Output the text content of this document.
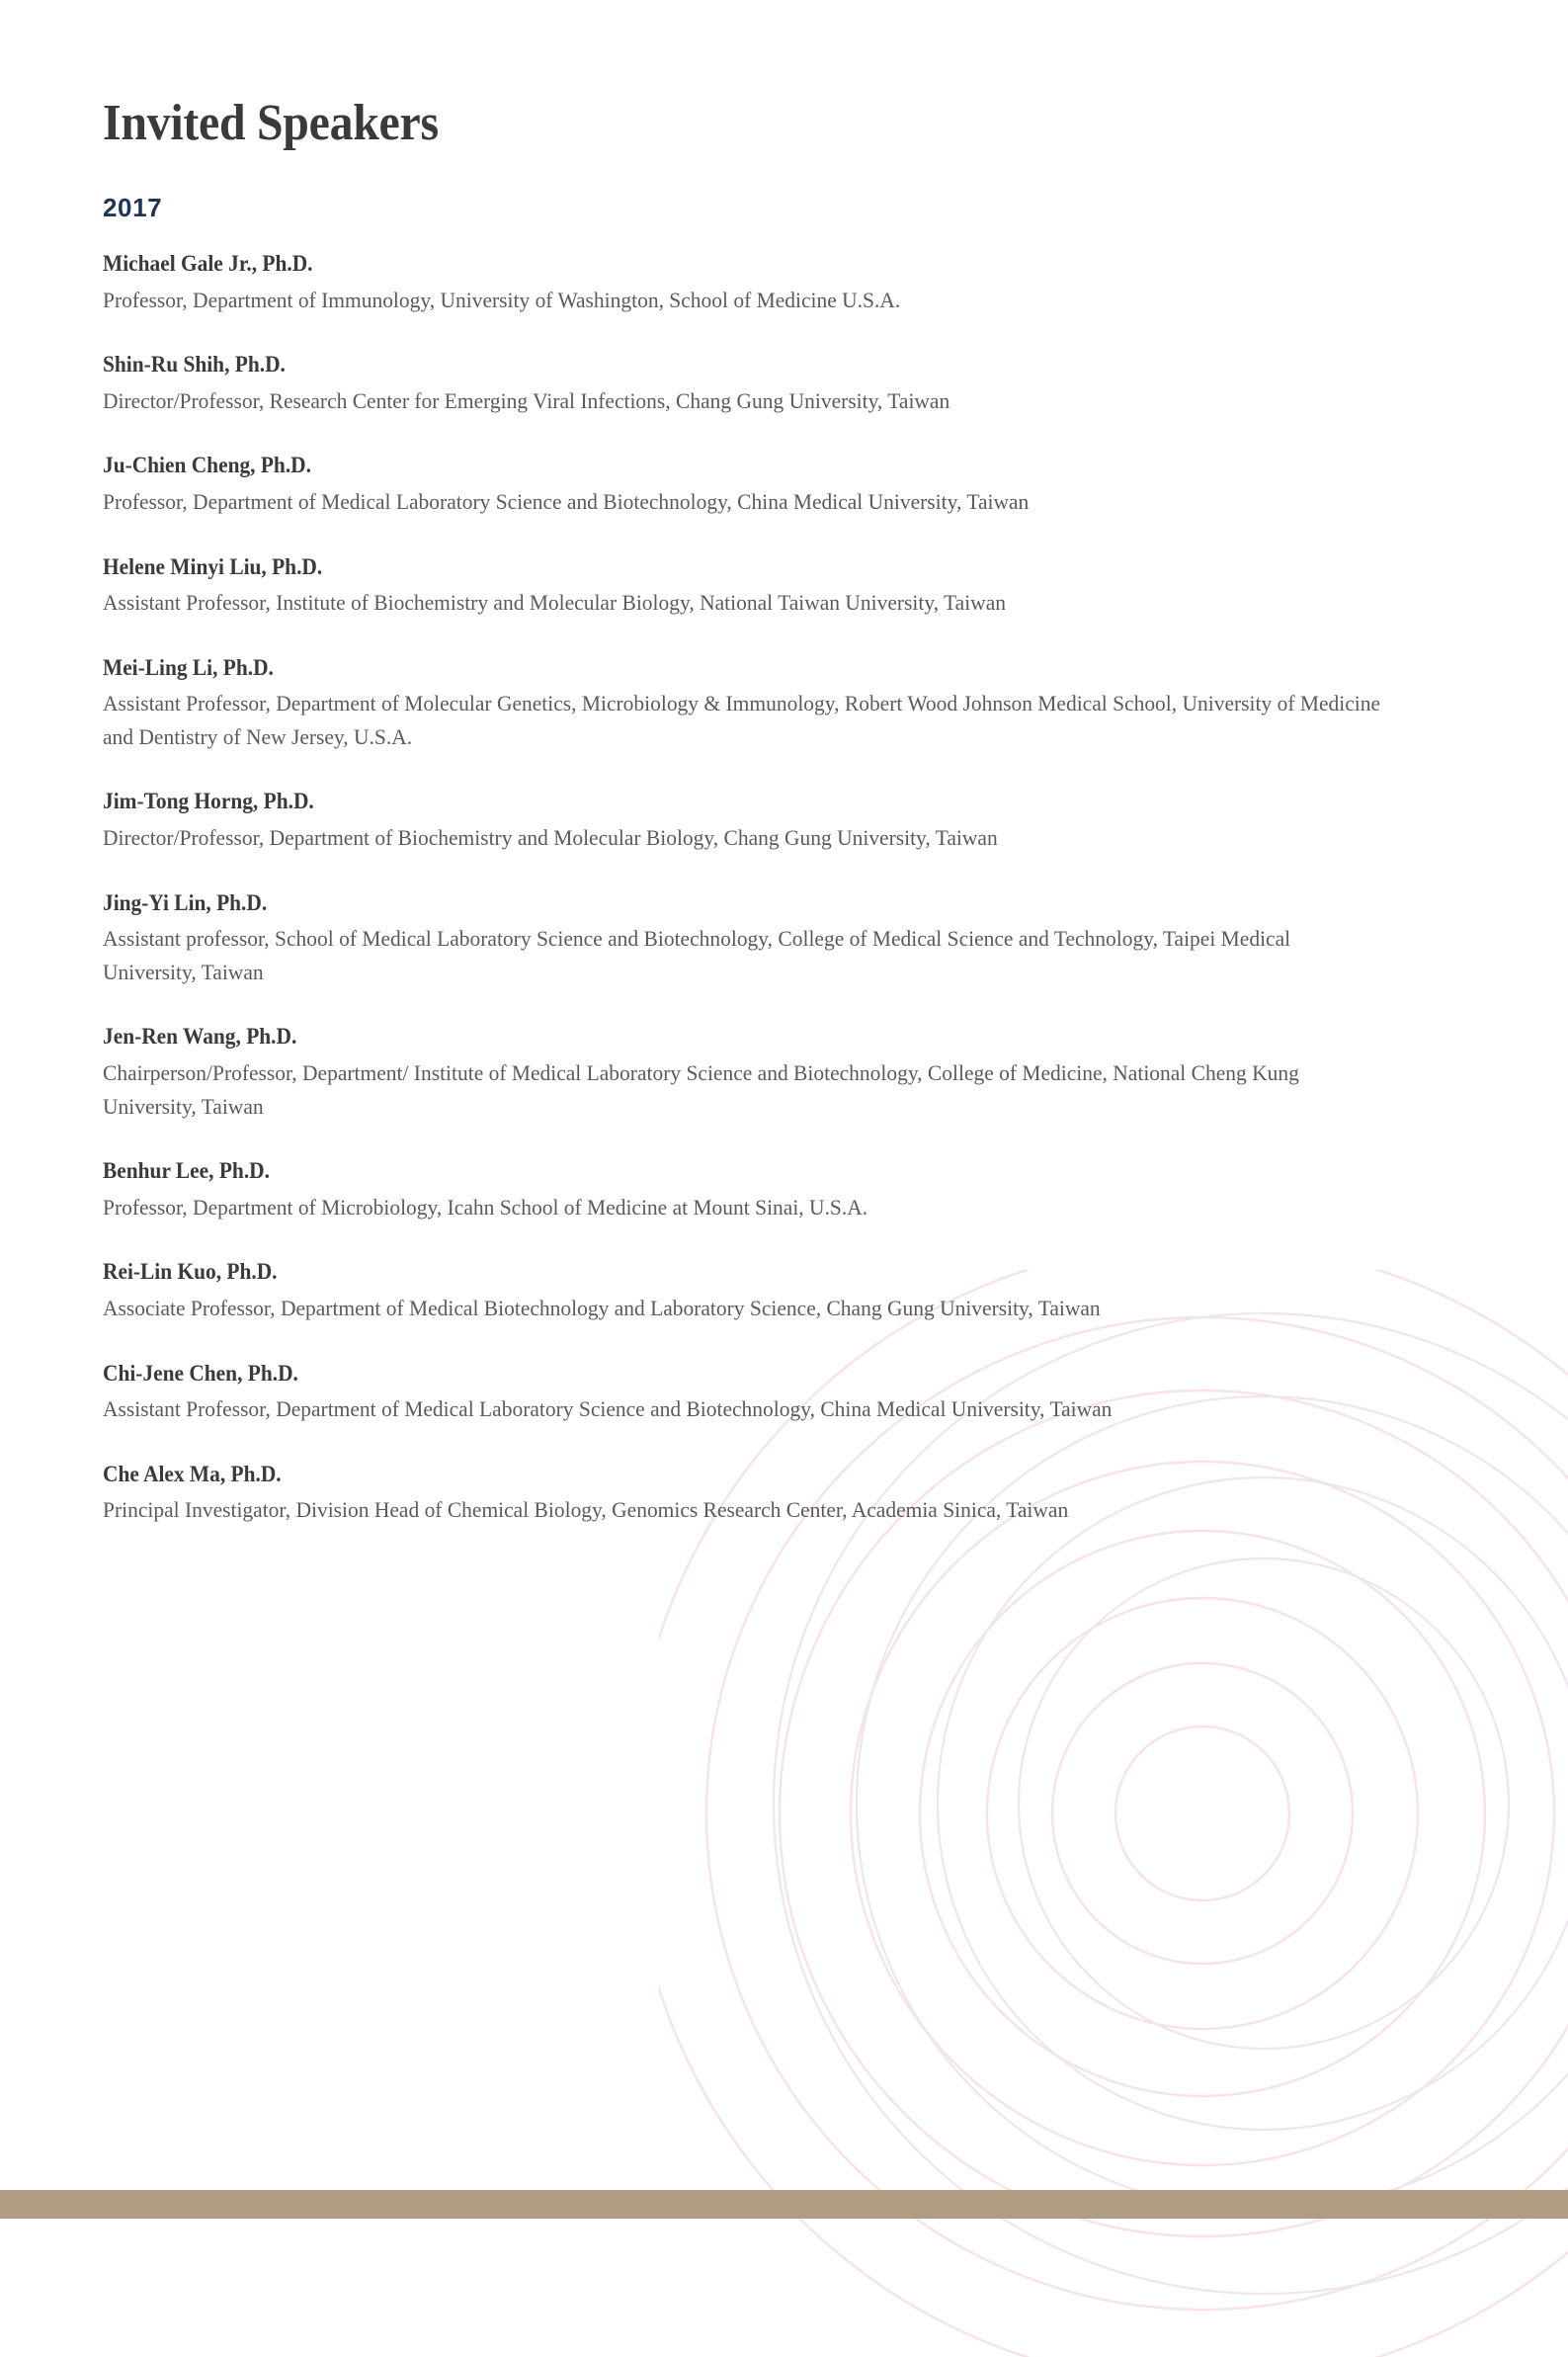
Invited Speakers
2017
Michael Gale Jr., Ph.D.
Professor, Department of Immunology, University of Washington, School of Medicine U.S.A.
Shin-Ru Shih, Ph.D.
Director/Professor, Research Center for Emerging Viral Infections, Chang Gung University, Taiwan
Ju-Chien Cheng, Ph.D.
Professor, Department of Medical Laboratory Science and Biotechnology, China Medical University, Taiwan
Helene Minyi Liu, Ph.D.
Assistant Professor, Institute of Biochemistry and Molecular Biology, National Taiwan University, Taiwan
Mei-Ling Li, Ph.D.
Assistant Professor, Department of Molecular Genetics, Microbiology & Immunology, Robert Wood Johnson Medical School, University of Medicine and Dentistry of New Jersey, U.S.A.
Jim-Tong Horng, Ph.D.
Director/Professor, Department of Biochemistry and Molecular Biology, Chang Gung University, Taiwan
Jing-Yi Lin, Ph.D.
Assistant professor, School of Medical Laboratory Science and Biotechnology, College of Medical Science and Technology, Taipei Medical University, Taiwan
Jen-Ren Wang, Ph.D.
Chairperson/Professor, Department/ Institute of Medical Laboratory Science and Biotechnology, College of Medicine, National Cheng Kung University, Taiwan
Benhur Lee, Ph.D.
Professor, Department of Microbiology, Icahn School of Medicine at Mount Sinai, U.S.A.
Rei-Lin Kuo, Ph.D.
Associate Professor, Department of Medical Biotechnology and Laboratory Science, Chang Gung University, Taiwan
Chi-Jene Chen, Ph.D.
Assistant Professor, Department of Medical Laboratory Science and Biotechnology, China Medical University, Taiwan
Che Alex Ma, Ph.D.
Principal Investigator, Division Head of Chemical Biology, Genomics Research Center, Academia Sinica, Taiwan
